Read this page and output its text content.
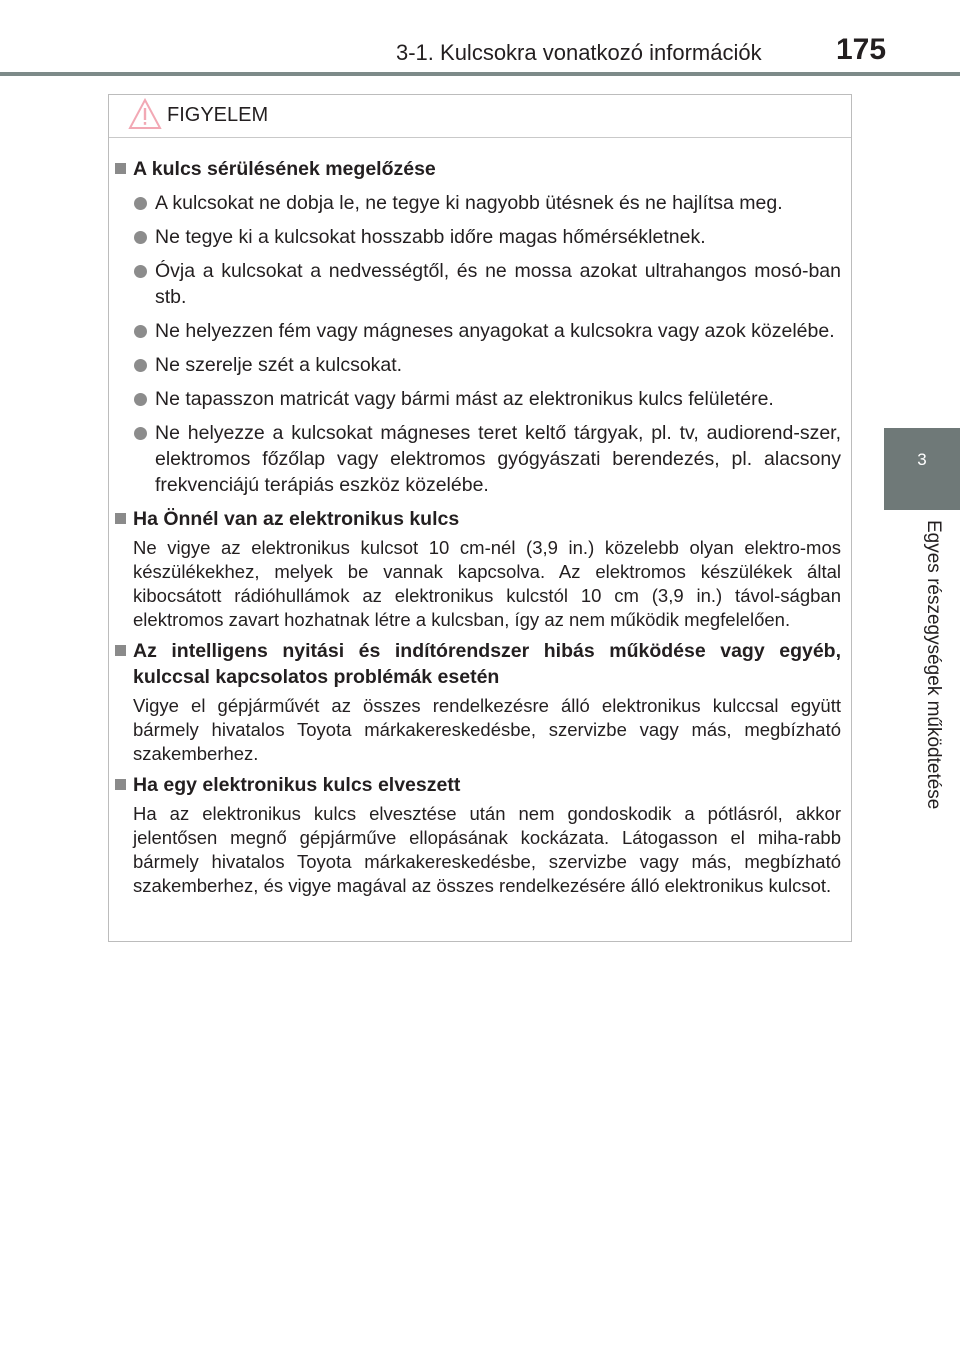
3-1. Kulcsokra vonatkozó információk 175
3
Egyes részegységek működtetése
FIGYELEM
A kulcs sérülésének megelőzése
A kulcsokat ne dobja le, ne tegye ki nagyobb ütésnek és ne hajlítsa meg.
Ne tegye ki a kulcsokat hosszabb időre magas hőmérsékletnek.
Óvja a kulcsokat a nedvességtől, és ne mossa azokat ultrahangos mosó-ban stb.
Ne helyezzen fém vagy mágneses anyagokat a kulcsokra vagy azok közelébe.
Ne szerelje szét a kulcsokat.
Ne tapasszon matricát vagy bármi mást az elektronikus kulcs felületére.
Ne helyezze a kulcsokat mágneses teret keltő tárgyak, pl. tv, audiorend-szer, elektromos főzőlap vagy elektromos gyógyászati berendezés, pl. alacsony frekvenciájú terápiás eszköz közelébe.
Ha Önnél van az elektronikus kulcs
Ne vigye az elektronikus kulcsot 10 cm-nél (3,9 in.) közelebb olyan elektro-mos készülékekhez, melyek be vannak kapcsolva. Az elektromos készülékek által kibocsátott rádióhullámok az elektronikus kulcstól 10 cm (3,9 in.) távol-ságban elektromos zavart hozhatnak létre a kulcsban, így az nem működik megfelelően.
Az intelligens nyitási és indítórendszer hibás működése vagy egyéb, kulccsal kapcsolatos problémák esetén
Vigye el gépjárművét az összes rendelkezésre álló elektronikus kulccsal együtt bármely hivatalos Toyota márkakereskedésbe, szervizbe vagy más, megbízható szakemberhez.
Ha egy elektronikus kulcs elveszett
Ha az elektronikus kulcs elvesztése után nem gondoskodik a pótlásról, akkor jelentősen megnő gépjárműve ellopásának kockázata. Látogasson el miha-rabb bármely hivatalos Toyota márkakereskedésbe, szervizbe vagy más, megbízható szakemberhez, és vigye magával az összes rendelkezésére álló elektronikus kulcsot.
